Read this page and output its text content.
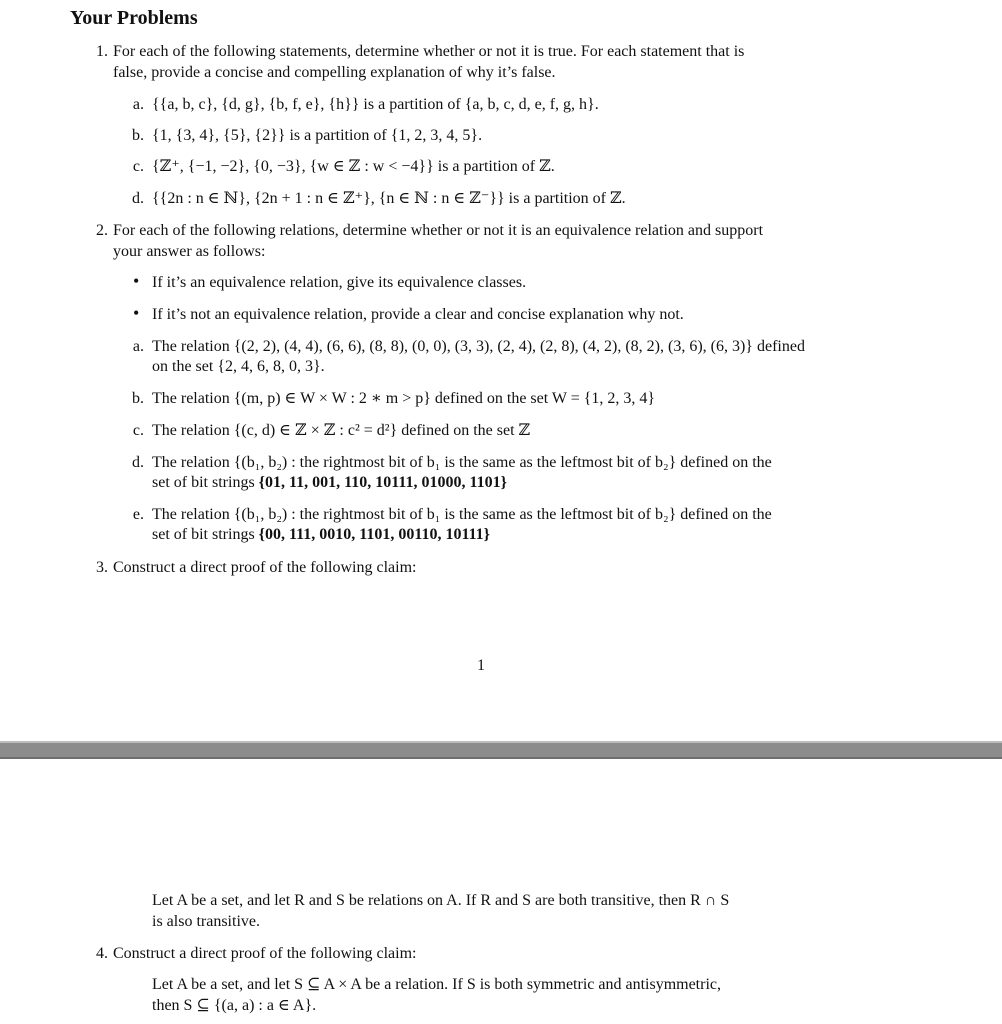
Your Problems
1. For each of the following statements, determine whether or not it is true. For each statement that is
false, provide a concise and compelling explanation of why it’s false.
a. {{a, b, c}, {d, g}, {b, f, e}, {h}} is a partition of {a, b, c, d, e, f, g, h}.
b. {1, {3, 4}, {5}, {2}} is a partition of {1, 2, 3, 4, 5}.
c. {ℤ⁺, {−1, −2}, {0, −3}, {w ∈ ℤ : w < −4}} is a partition of ℤ.
d. {{2n : n ∈ ℕ}, {2n + 1 : n ∈ ℤ⁺}, {n ∈ ℕ : n ∈ ℤ⁻}} is a partition of ℤ.
2. For each of the following relations, determine whether or not it is an equivalence relation and support
your answer as follows:
• If it’s an equivalence relation, give its equivalence classes.
• If it’s not an equivalence relation, provide a clear and concise explanation why not.
a. The relation {(2, 2), (4, 4), (6, 6), (8, 8), (0, 0), (3, 3), (2, 4), (2, 8), (4, 2), (8, 2), (3, 6), (6, 3)} defined
on the set {2, 4, 6, 8, 0, 3}.
b. The relation {(m, p) ∈ W × W : 2 ∗ m > p} defined on the set W = {1, 2, 3, 4}
c. The relation {(c, d) ∈ ℤ × ℤ : c² = d²} defined on the set ℤ
d. The relation {(b₁, b₂) : the rightmost bit of b₁ is the same as the leftmost bit of b₂} defined on the
set of bit strings {01, 11, 001, 110, 10111, 01000, 1101}
e. The relation {(b₁, b₂) : the rightmost bit of b₁ is the same as the leftmost bit of b₂} defined on the
set of bit strings {00, 111, 0010, 1101, 00110, 10111}
3. Construct a direct proof of the following claim:
1
Let A be a set, and let R and S be relations on A. If R and S are both transitive, then R ∩ S
is also transitive.
4. Construct a direct proof of the following claim:
Let A be a set, and let S ⊆ A × A be a relation. If S is both symmetric and antisymmetric,
then S ⊆ {(a, a) : a ∈ A}.
